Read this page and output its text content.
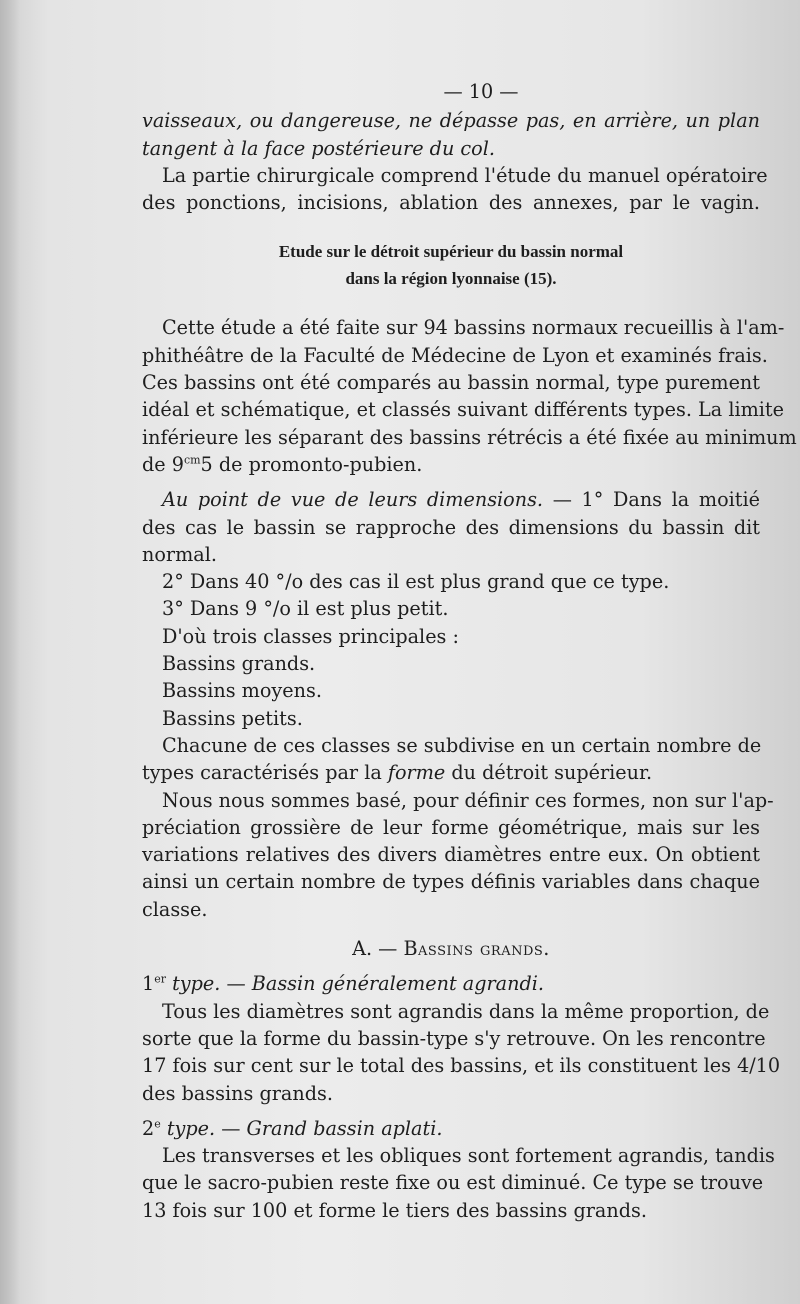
— 10 —
vaisseaux, ou dangereuse, ne dépasse pas, en arrière, un plan
tangent à la face postérieure du col.
La partie chirurgicale comprend l'étude du manuel opératoire
des ponctions, incisions, ablation des annexes, par le vagin.
Etude sur le détroit supérieur du bassin normal
dans la région lyonnaise (15).
Cette étude a été faite sur 94 bassins normaux recueillis à l'am-
phithéâtre de la Faculté de Médecine de Lyon et examinés frais.
Ces bassins ont été comparés au bassin normal, type purement
idéal et schématique, et classés suivant différents types. La limite
inférieure les séparant des bassins rétrécis a été fixée au minimum
de $9^{cm}5$ de promonto-pubien.
Au point de vue de leurs dimensions. — 1° Dans la moitié
des cas le bassin se rapproche des dimensions du bassin dit
normal.
2° Dans 40 °/o des cas il est plus grand que ce type.
3° Dans 9 °/o il est plus petit.
D'où trois classes principales :
Bassins grands.
Bassins moyens.
Bassins petits.
Chacune de ces classes se subdivise en un certain nombre de
types caractérisés par la forme du détroit supérieur.
Nous nous sommes basé, pour définir ces formes, non sur l'ap-
préciation grossière de leur forme géométrique, mais sur les
variations relatives des divers diamètres entre eux. On obtient
ainsi un certain nombre de types définis variables dans chaque
classe.
A. — Bassins grands.
1er type. — Bassin généralement agrandi.
Tous les diamètres sont agrandis dans la même proportion, de
sorte que la forme du bassin-type s'y retrouve. On les rencontre
17 fois sur cent sur le total des bassins, et ils constituent les 4/10
des bassins grands.
2e type. — Grand bassin aplati.
Les transverses et les obliques sont fortement agrandis, tandis
que le sacro-pubien reste fixe ou est diminué. Ce type se trouve
13 fois sur 100 et forme le tiers des bassins grands.
